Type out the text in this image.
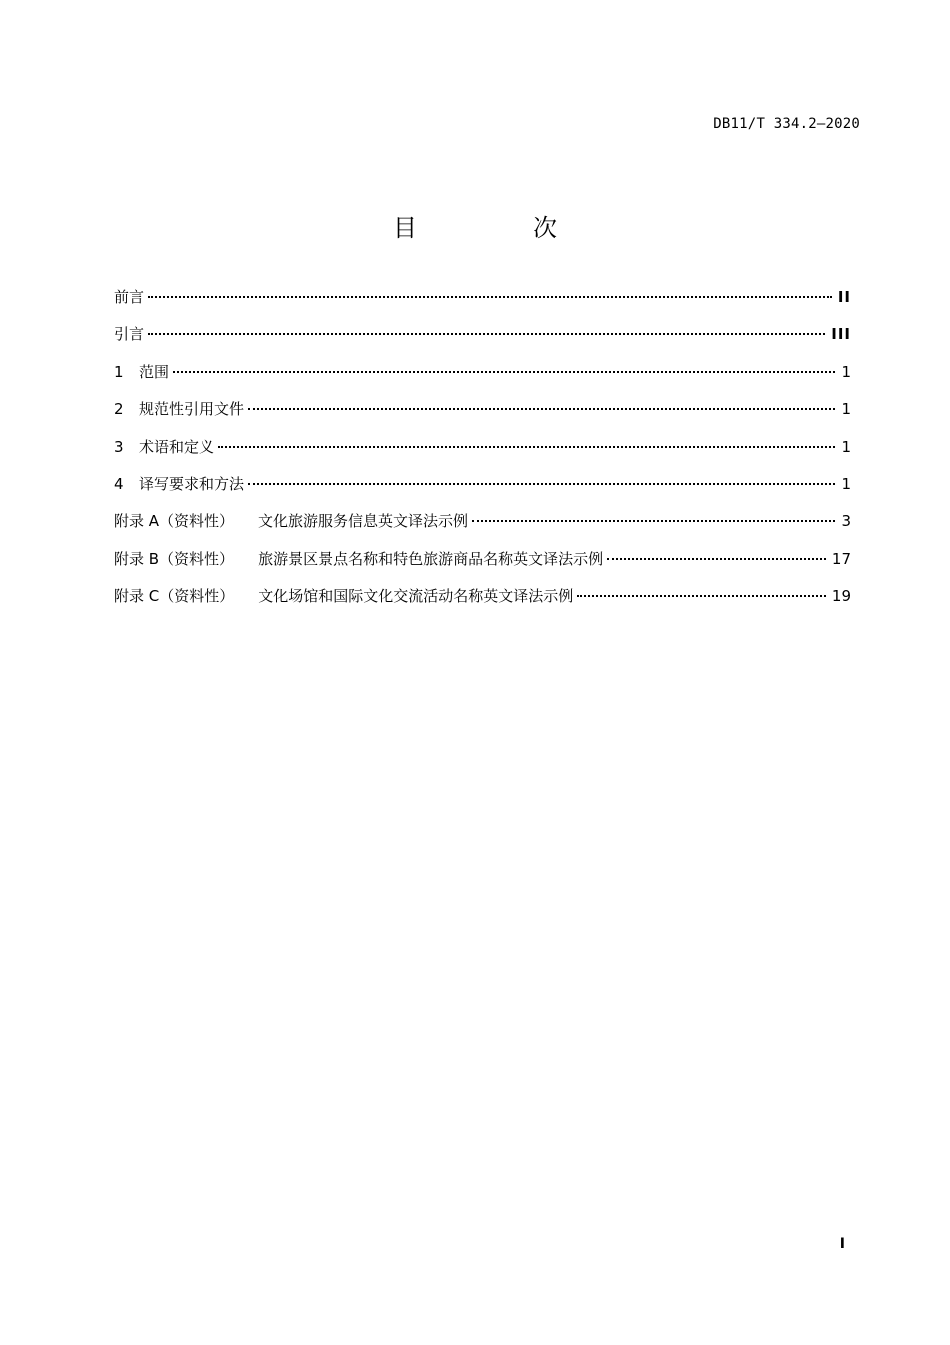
DB11/T 334.2—2020
目　次
前言	II
引言	III
1	范围	1
2	规范性引用文件	1
3	术语和定义	1
4	译写要求和方法	1
附录 A（资料性） 文化旅游服务信息英文译法示例	3
附录 B（资料性） 旅游景区景点名称和特色旅游商品名称英文译法示例	17
附录 C（资料性） 文化场馆和国际文化交流活动名称英文译法示例	19
I
